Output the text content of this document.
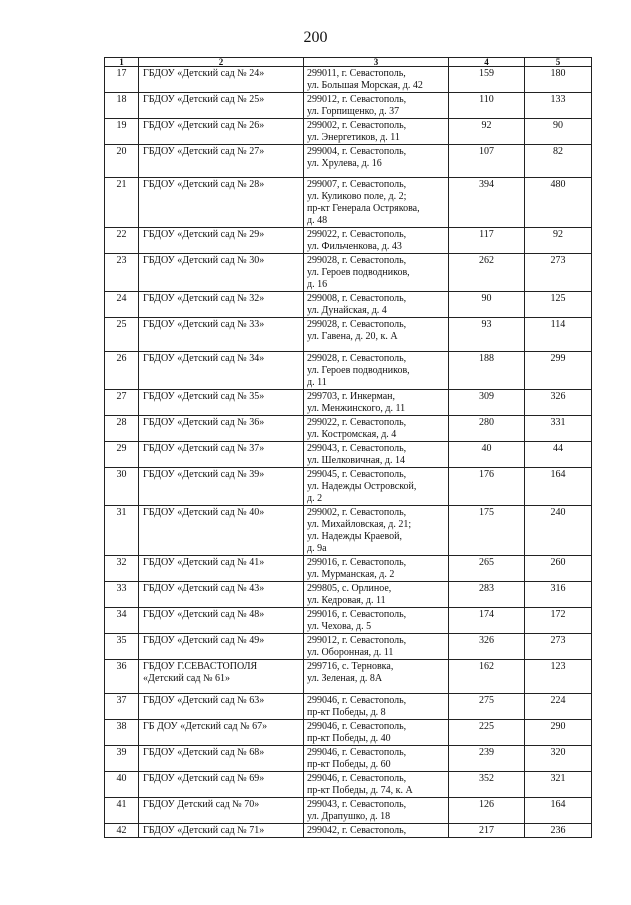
200
1	2	3	4	5

17	ГБДОУ «Детский сад № 24»	299011, г. Севастополь,
ул. Большая Морская, д. 42	159	180

18	ГБДОУ «Детский сад № 25»	299012, г. Севастополь,
ул. Горпищенко, д. 37	110	133

19	ГБДОУ «Детский сад № 26»	299002, г. Севастополь,
ул. Энергетиков, д. 11	92	90

20	ГБДОУ «Детский сад № 27»	299004, г. Севастополь,
ул. Хрулева, д. 16	107	82

21	ГБДОУ «Детский сад № 28»	299007, г. Севастополь,
ул. Куликово поле, д. 2;
пр-кт Генерала Острякова,
д. 48	394	480

22	ГБДОУ «Детский сад № 29»	299022, г. Севастополь,
ул. Фильченкова, д. 43	117	92

23	ГБДОУ «Детский сад № 30»	299028, г. Севастополь,
ул. Героев подводников,
д. 16	262	273

24	ГБДОУ «Детский сад № 32»	299008, г. Севастополь,
ул. Дунайская, д. 4	90	125

25	ГБДОУ «Детский сад № 33»	299028, г. Севастополь,
ул. Гавена, д. 20, к. А	93	114

26	ГБДОУ «Детский сад № 34»	299028, г. Севастополь,
ул. Героев подводников,
д. 11	188	299

27	ГБДОУ «Детский сад № 35»	299703, г. Инкерман,
ул. Менжинского, д. 11	309	326

28	ГБДОУ «Детский сад № 36»	299022, г. Севастополь,
ул. Костромская, д. 4	280	331

29	ГБДОУ «Детский сад № 37»	299043, г. Севастополь,
ул. Шелковичная, д. 14	40	44

30	ГБДОУ «Детский сад № 39»	299045, г. Севастополь,
ул. Надежды Островской,
д. 2	176	164

31	ГБДОУ «Детский сад № 40»	299002, г. Севастополь,
ул. Михайловская, д. 21;
ул. Надежды Краевой,
д. 9а	175	240

32	ГБДОУ «Детский сад № 41»	299016, г. Севастополь,
ул. Мурманская, д. 2	265	260

33	ГБДОУ «Детский сад № 43»	299805, с. Орлиное,
ул. Кедровая, д. 11	283	316

34	ГБДОУ «Детский сад № 48»	299016, г. Севастополь,
ул. Чехова, д. 5	174	172

35	ГБДОУ «Детский сад № 49»	299012, г. Севастополь,
ул. Оборонная, д. 11	326	273

36	ГБДОУ Г.СЕВАСТОПОЛЯ
«Детский сад № 61»	299716, с. Терновка,
ул. Зеленая, д. 8А	162	123

37	ГБДОУ «Детский сад № 63»	299046, г. Севастополь,
пр-кт Победы, д. 8	275	224

38	ГБ ДОУ «Детский сад № 67»	299046, г. Севастополь,
пр-кт Победы, д. 40	225	290

39	ГБДОУ «Детский сад № 68»	299046, г. Севастополь,
пр-кт Победы, д. 60	239	320

40	ГБДОУ «Детский сад № 69»	299046, г. Севастополь,
пр-кт Победы, д. 74, к. А	352	321

41	ГБДОУ Детский сад № 70»	299043, г. Севастополь,
ул. Драпушко, д. 18	126	164

42	ГБДОУ «Детский сад № 71»	299042, г. Севастополь,	217	236
